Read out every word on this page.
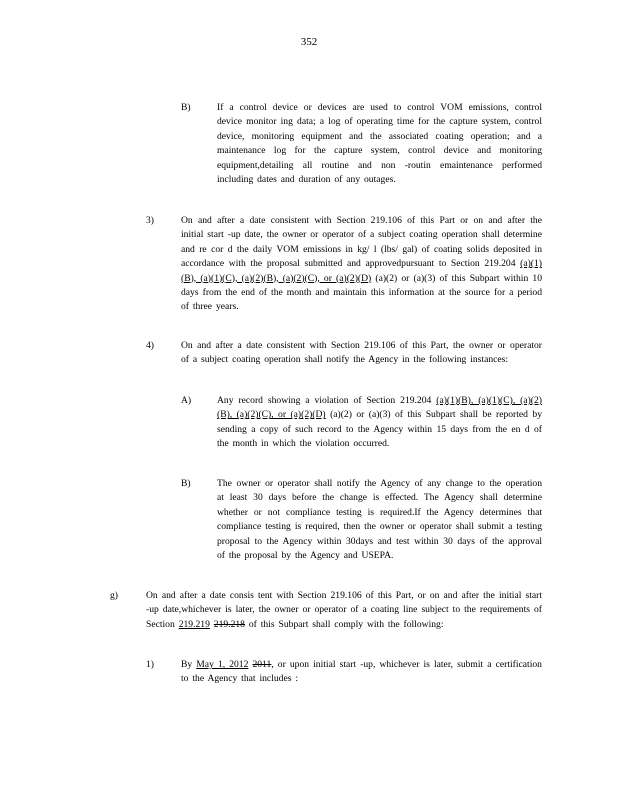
352
B)	If a control device or devices are used to control VOM emissions, control device monitor ing data; a log of operating time for the capture system, control device, monitoring equipment and the associated coating operation; and a maintenance log for the capture system, control device and monitoring equipment,detailing all routine and non -routin emaintenance performed including dates and duration of any outages.
3)	On and after a date consistent with Section 219.106 of this Part or on and after the initial start -up date, the owner or operator of a subject coating operation shall determine and re cor d the daily VOM emissions in kg/ l (lbs/ gal) of coating solids deposited in accordance with the proposal submitted and approvedpursuant to Section 219.204 (a)(1)(B), (a)(1)(C), (a)(2)(B), (a)(2)(C), or (a)(2)(D) (a)(2) or (a)(3) of this Subpart within 10 days from the end of the month and maintain this information at the source for a period of three years.
4)	On and after a date consistent with Section 219.106 of this Part, the owner or operator of a subject coating operation shall notify the Agency in the following instances:
A)	Any record showing a violation of Section 219.204 (a)(1)(B), (a)(1)(C), (a)(2)(B), (a)(2)(C), or (a)(2)(D) (a)(2) or (a)(3) of this Subpart shall be reported by sending a copy of such record to the Agency within 15 days from the en d of the month in which the violation occurred.
B)	The owner or operator shall notify the Agency of any change to the operation at least 30 days before the change is effected. The Agency shall determine whether or not compliance testing is required.If the Agency determines that compliance testing is required, then the owner or operator shall submit a testing proposal to the Agency within 30days and test within 30 days of the approval of the proposal by the Agency and USEPA.
g)	On and after a date consis tent with Section 219.106 of this Part, or on and after the initial start -up date,whichever is later, the owner or operator of a coating line subject to the requirements of Section 219.219 219.218 of this Subpart shall comply with the following:
1)	By May 1, 2012 2011, or upon initial start -up, whichever is later, submit a certification to the Agency that includes :
